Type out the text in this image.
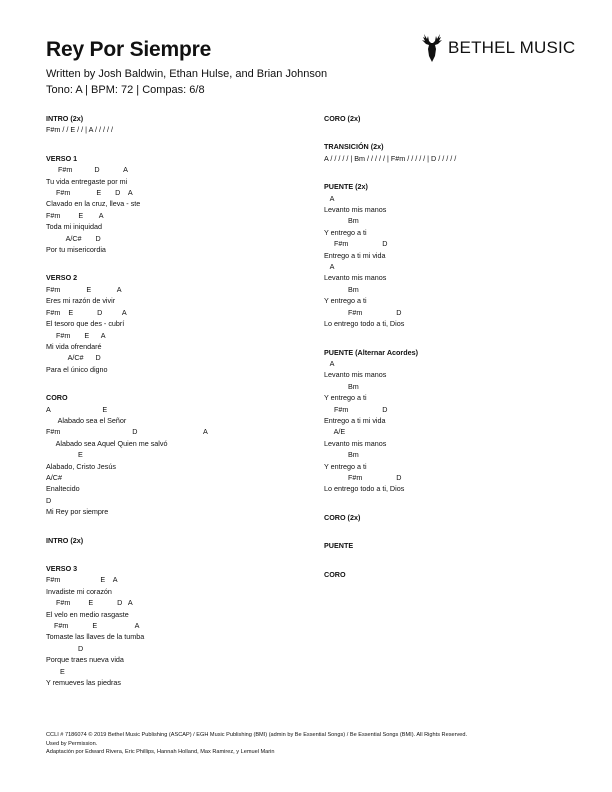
Rey Por Siempre
Written by Josh Baldwin, Ethan Hulse, and Brian Johnson
Tono: A | BPM: 72 | Compas: 6/8
BETHEL MUSIC
INTRO (2x)
F#m / / E / / | A / / / / /
VERSO 1
F#m           D            A
Tu vida entregaste por mi
F#m             E       D    A
Clavado en la cruz, lleva - ste
F#m         E        A
Toda mi iniquidad
A/C#       D
Por tu misericordia
VERSO 2
F#m             E             A
Eres mi razón de vivir
F#m    E            D          A
El tesoro que des - cubrí
F#m       E      A
Mi vida ofrendaré
A/C#      D
Para el único digno
CORO
A                          E
Alabado sea el Señor
F#m                                    D                                 A
Alabado sea Aquel Quien me salvó
E
Alabado, Cristo Jesús
A/C#
Enaltecido
D
Mi Rey por siempre
INTRO (2x)
VERSO 3
F#m                    E    A
Invadiste mi corazón
F#m         E            D   A
El velo en medio rasgaste
F#m            E                   A
Tomaste las llaves de la tumba
D
Porque traes nueva vida
E
Y remueves las piedras
CORO (2x)
TRANSICIÓN (2x)
A / / / / / | Bm / / / / / | F#m / / / / / | D / / / / /
PUENTE (2x)
A
Levanto mis manos
Bm
Y entrego a ti
F#m                 D
Entrego a ti mi vida
A
Levanto mis manos
Bm
Y entrego a ti
F#m                 D
Lo entrego todo a ti, Dios
PUENTE (Alternar Acordes)
A
Levanto mis manos
Bm
Y entrego a ti
F#m                 D
Entrego a ti mi vida
A/E
Levanto mis manos
Bm
Y entrego a ti
F#m                 D
Lo entrego todo a ti, Dios
CORO (2x)
PUENTE
CORO
CCLI # 7186074 © 2019 Bethel Music Publishing (ASCAP) / EGH Music Publishing (BMI) (admin by Be Essential Songs) / Be Essential Songs (BMI). All Rights Reserved.
Used by Permission.
Adaptación por Edward Rivera, Eric Phillips, Hannah Holland, Max Ramirez, y Lemuel Marin
